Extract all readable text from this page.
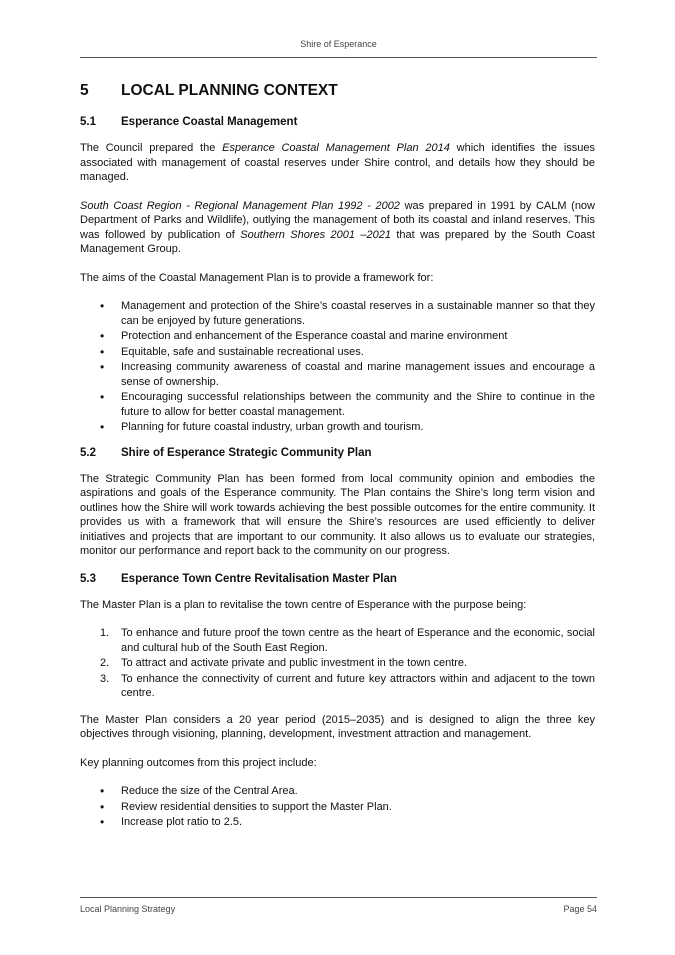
Shire of Esperance
5	LOCAL PLANNING CONTEXT
5.1	Esperance Coastal Management

The Council prepared the Esperance Coastal Management Plan 2014 which identifies the issues associated with management of coastal reserves under Shire control, and details how they should be managed.

South Coast Region - Regional Management Plan 1992 - 2002 was prepared in 1991 by CALM (now Department of Parks and Wildlife), outlying the management of both its coastal and inland reserves. This was followed by publication of Southern Shores 2001 –2021 that was prepared by the South Coast Management Group.

The aims of the Coastal Management Plan is to provide a framework for:

• Management and protection of the Shire’s coastal reserves in a sustainable manner so that they can be enjoyed by future generations.
• Protection and enhancement of the Esperance coastal and marine environment
• Equitable, safe and sustainable recreational uses.
• Increasing community awareness of coastal and marine management issues and encourage a sense of ownership.
• Encouraging successful relationships between the community and the Shire to continue in the future to allow for better coastal management.
• Planning for future coastal industry, urban growth and tourism.
5.2	Shire of Esperance Strategic Community Plan

The Strategic Community Plan has been formed from local community opinion and embodies the aspirations and goals of the Esperance community. The Plan contains the Shire’s long term vision and outlines how the Shire will work towards achieving the best possible outcomes for the entire community. It provides us with a framework that will ensure the Shire’s resources are used efficiently to deliver initiatives and projects that are important to our community. It also allows us to evaluate our strategies, monitor our performance and report back to the community on our progress.

5.3	Esperance Town Centre Revitalisation Master Plan

The Master Plan is a plan to revitalise the town centre of Esperance with the purpose being:

1. To enhance and future proof the town centre as the heart of Esperance and the economic, social and cultural hub of the South East Region.
2. To attract and activate private and public investment in the town centre.
3. To enhance the connectivity of current and future key attractors within and adjacent to the town centre.

The Master Plan considers a 20 year period (2015–2035) and is designed to align the three key objectives through visioning, planning, development, investment attraction and management.

Key planning outcomes from this project include:

• Reduce the size of the Central Area.
• Review residential densities to support the Master Plan.
• Increase plot ratio to 2.5.
Local Planning Strategy	Page 54
